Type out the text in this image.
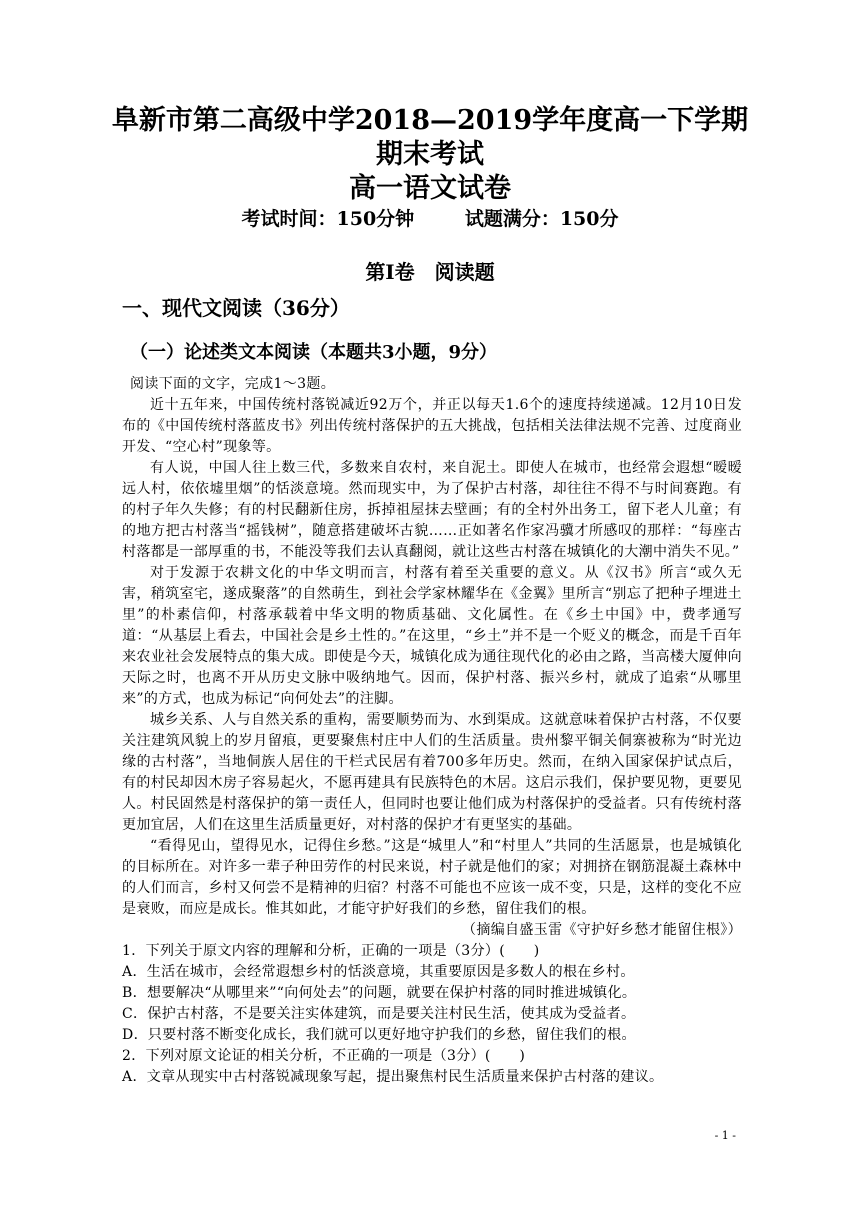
阜新市第二高级中学2018—2019学年度高一下学期期末考试
高一语文试卷
考试时间：150分钟	试题满分：150分
第Ⅰ卷　阅读题
一、现代文阅读（36分）
（一）论述类文本阅读（本题共3小题，9分）

阅读下面的文字，完成1～3题。

近十五年来，中国传统村落锐减近92万个，并正以每天1.6个的速度持续递减。12月10日发布的《中国传统村落蓝皮书》列出传统村落保护的五大挑战，包括相关法律法规不完善、过度商业开发、“空心村”现象等。

有人说，中国人往上数三代，多数来自农村，来自泥土。即使人在城市，也经常会遐想“暧暧远人村，依依墟里烟”的恬淡意境。然而现实中，为了保护古村落，却往往不得不与时间赛跑。有的村子年久失修；有的村民翻新住房，拆掉祖屋抹去壁画；有的全村外出务工，留下老人儿童；有的地方把古村落当“摇钱树”，随意搭建破坏古貌……正如著名作家冯骥才所感叹的那样：“每座古村落都是一部厚重的书，不能没等我们去认真翻阅，就让这些古村落在城镇化的大潮中消失不见。”

对于发源于农耕文化的中华文明而言，村落有着至关重要的意义。从《汉书》所言“或久无害，稍筑室宅，遂成聚落”的自然萌生，到社会学家林耀华在《金翼》里所言“别忘了把种子埋进土里”的朴素信仰，村落承载着中华文明的物质基础、文化属性。在《乡土中国》中，费孝通写道：“从基层上看去，中国社会是乡土性的。”在这里，“乡土”并不是一个贬义的概念，而是千百年来农业社会发展特点的集大成。即使是今天，城镇化成为通往现代化的必由之路，当高楼大厦伸向天际之时，也离不开从历史文脉中吸纳地气。因而，保护村落、振兴乡村，就成了追索“从哪里来”的方式，也成为标记“向何处去”的注脚。

城乡关系、人与自然关系的重构，需要顺势而为、水到渠成。这就意味着保护古村落，不仅要关注建筑风貌上的岁月留痕，更要聚焦村庄中人们的生活质量。贵州黎平铜关侗寨被称为“时光边缘的古村落”，当地侗族人居住的干栏式民居有着700多年历史。然而，在纳入国家保护试点后，有的村民却因木房子容易起火，不愿再建具有民族特色的木居。这启示我们，保护要见物，更要见人。村民固然是村落保护的第一责任人，但同时也要让他们成为村落保护的受益者。只有传统村落更加宜居，人们在这里生活质量更好，对村落的保护才有更坚实的基础。

“看得见山，望得见水，记得住乡愁。”这是“城里人”和“村里人”共同的生活愿景，也是城镇化的目标所在。对许多一辈子种田劳作的村民来说，村子就是他们的家；对拥挤在钢筋混凝土森林中的人们而言，乡村又何尝不是精神的归宿？村落不可能也不应该一成不变，只是，这样的变化不应是衰败，而应是成长。惟其如此，才能守护好我们的乡愁，留住我们的根。

（摘编自盛玉雷《守护好乡愁才能留住根》）

1．下列关于原文内容的理解和分析，正确的一项是（3分）(　　)

A．生活在城市，会经常遐想乡村的恬淡意境，其重要原因是多数人的根在乡村。

B．想要解决“从哪里来”“向何处去”的问题，就要在保护村落的同时推进城镇化。

C．保护古村落，不是要关注实体建筑，而是要关注村民生活，使其成为受益者。

D．只要村落不断变化成长，我们就可以更好地守护我们的乡愁，留住我们的根。

2．下列对原文论证的相关分析，不正确的一项是（3分）(　　)

A．文章从现实中古村落锐减现象写起，提出聚焦村民生活质量来保护古村落的建议。

- 1 -
